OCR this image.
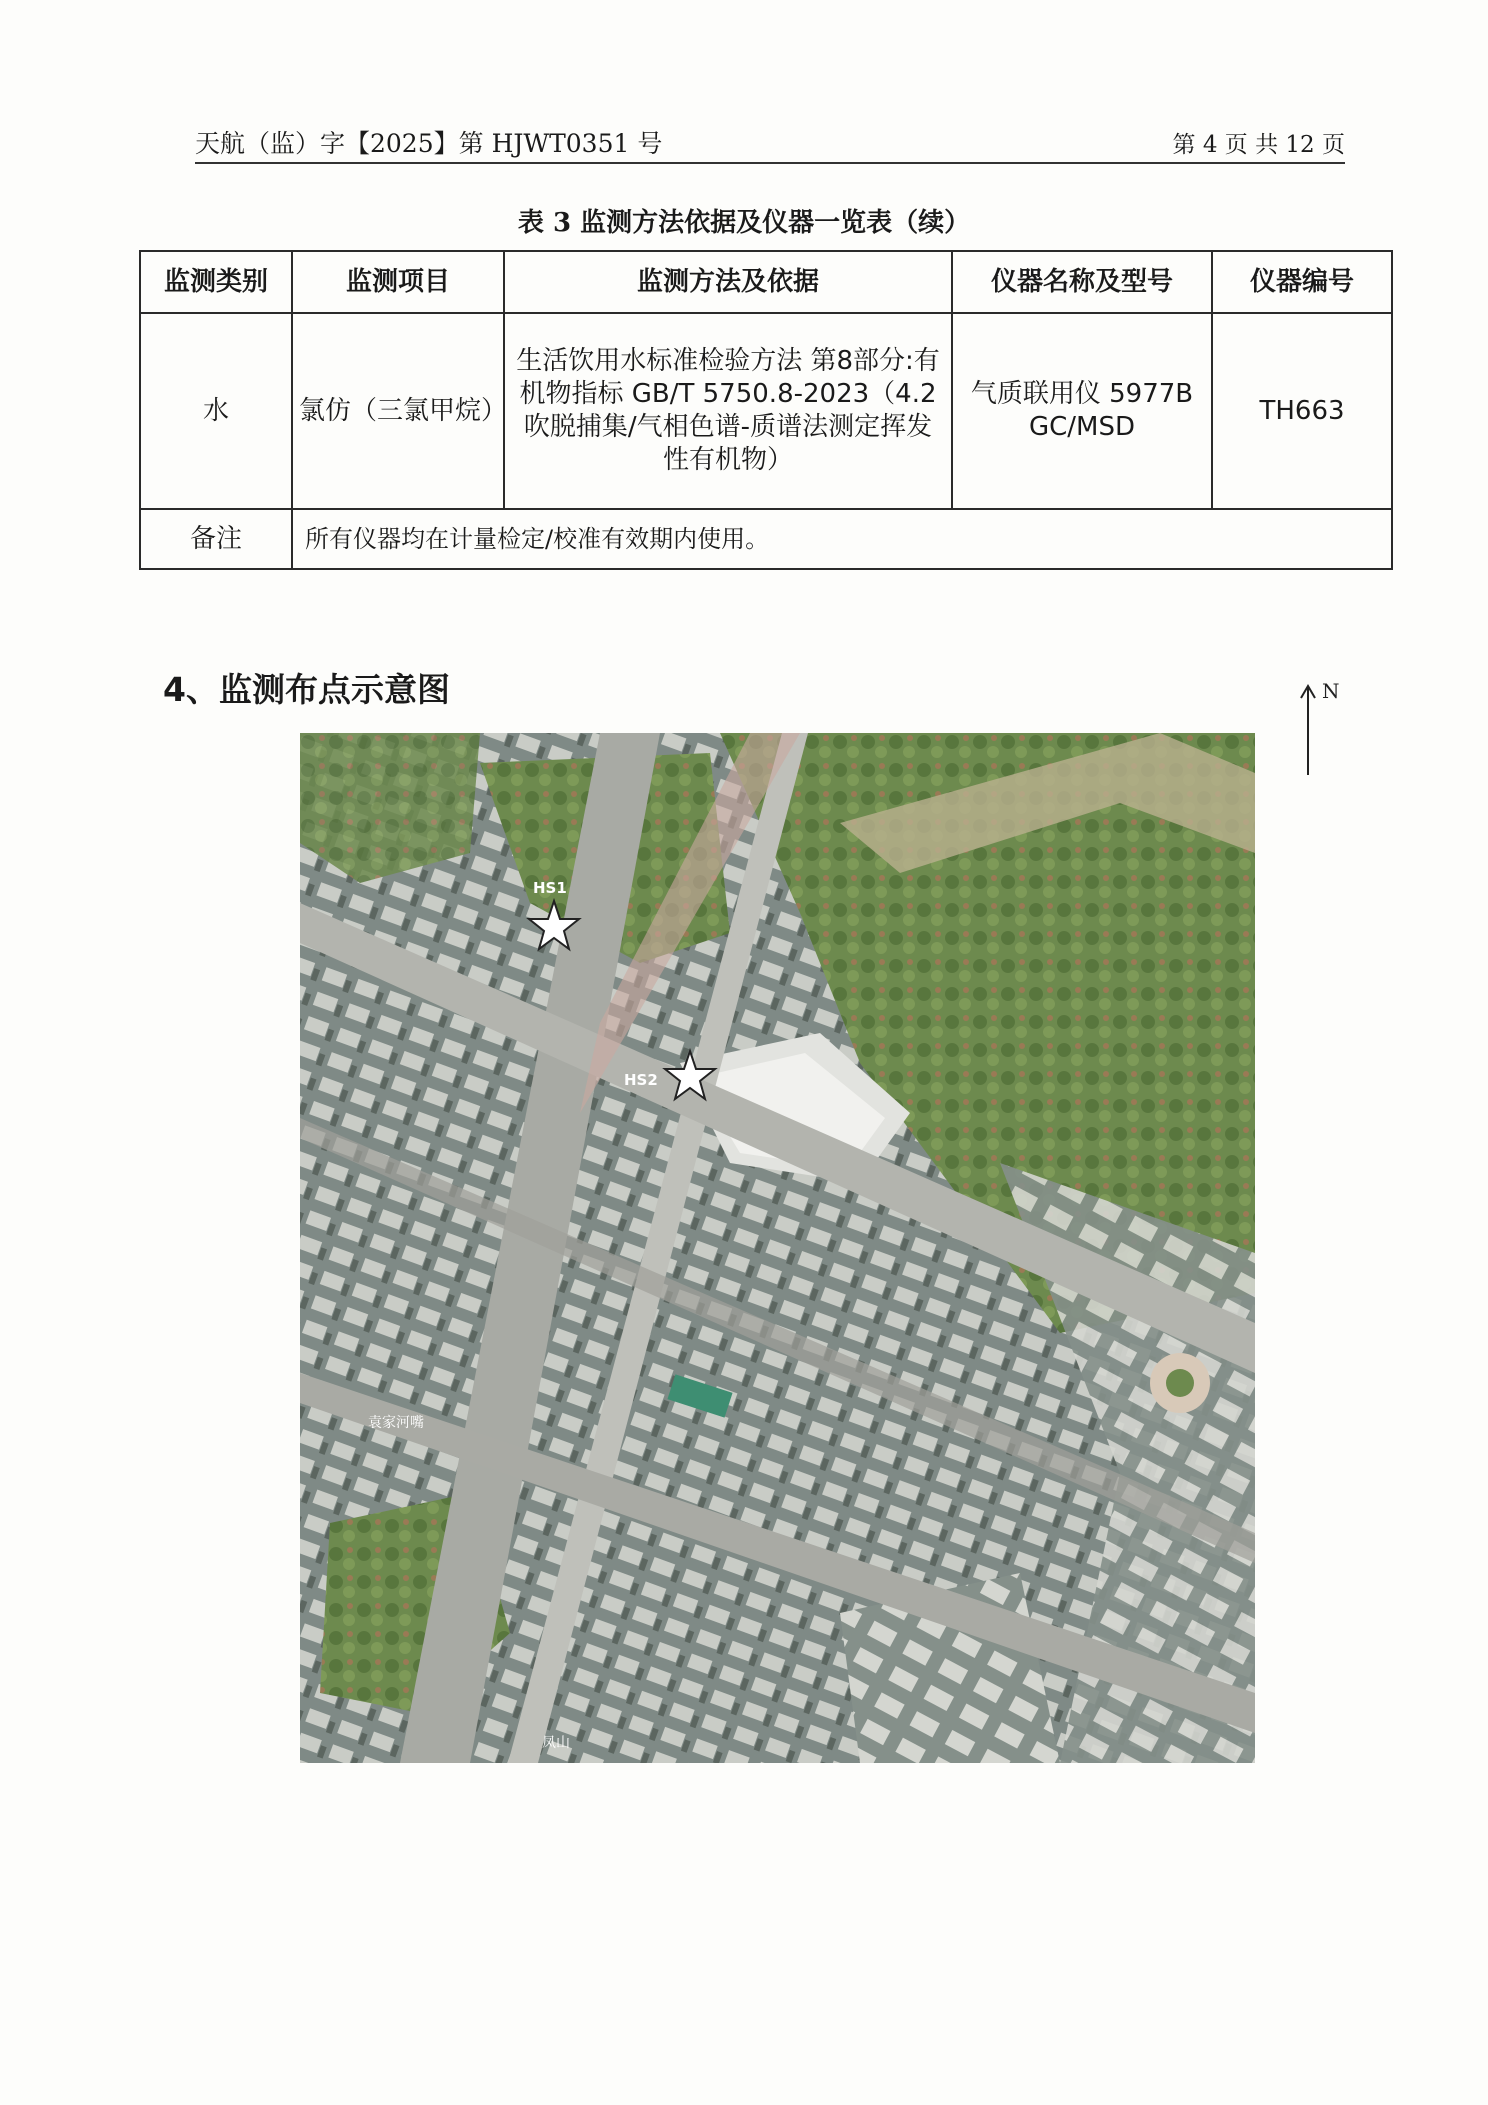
天航（监）字【2025】第 HJWT0351 号	第 4 页 共 12 页
表 3 监测方法依据及仪器一览表（续）
监测类别	监测项目	监测方法及依据	仪器名称及型号	仪器编号
水	氯仿（三氯甲烷）	生活饮用水标准检验方法 第8部分:有机物指标 GB/T 5750.8-2023（4.2 吹脱捕集/气相色谱-质谱法测定挥发性有机物）	气质联用仪 5977B GC/MSD	TH663
备注	所有仪器均在计量检定/校准有效期内使用。			
4、监测布点示意图	N
HS1
HS2
袁家河嘴
凤山
